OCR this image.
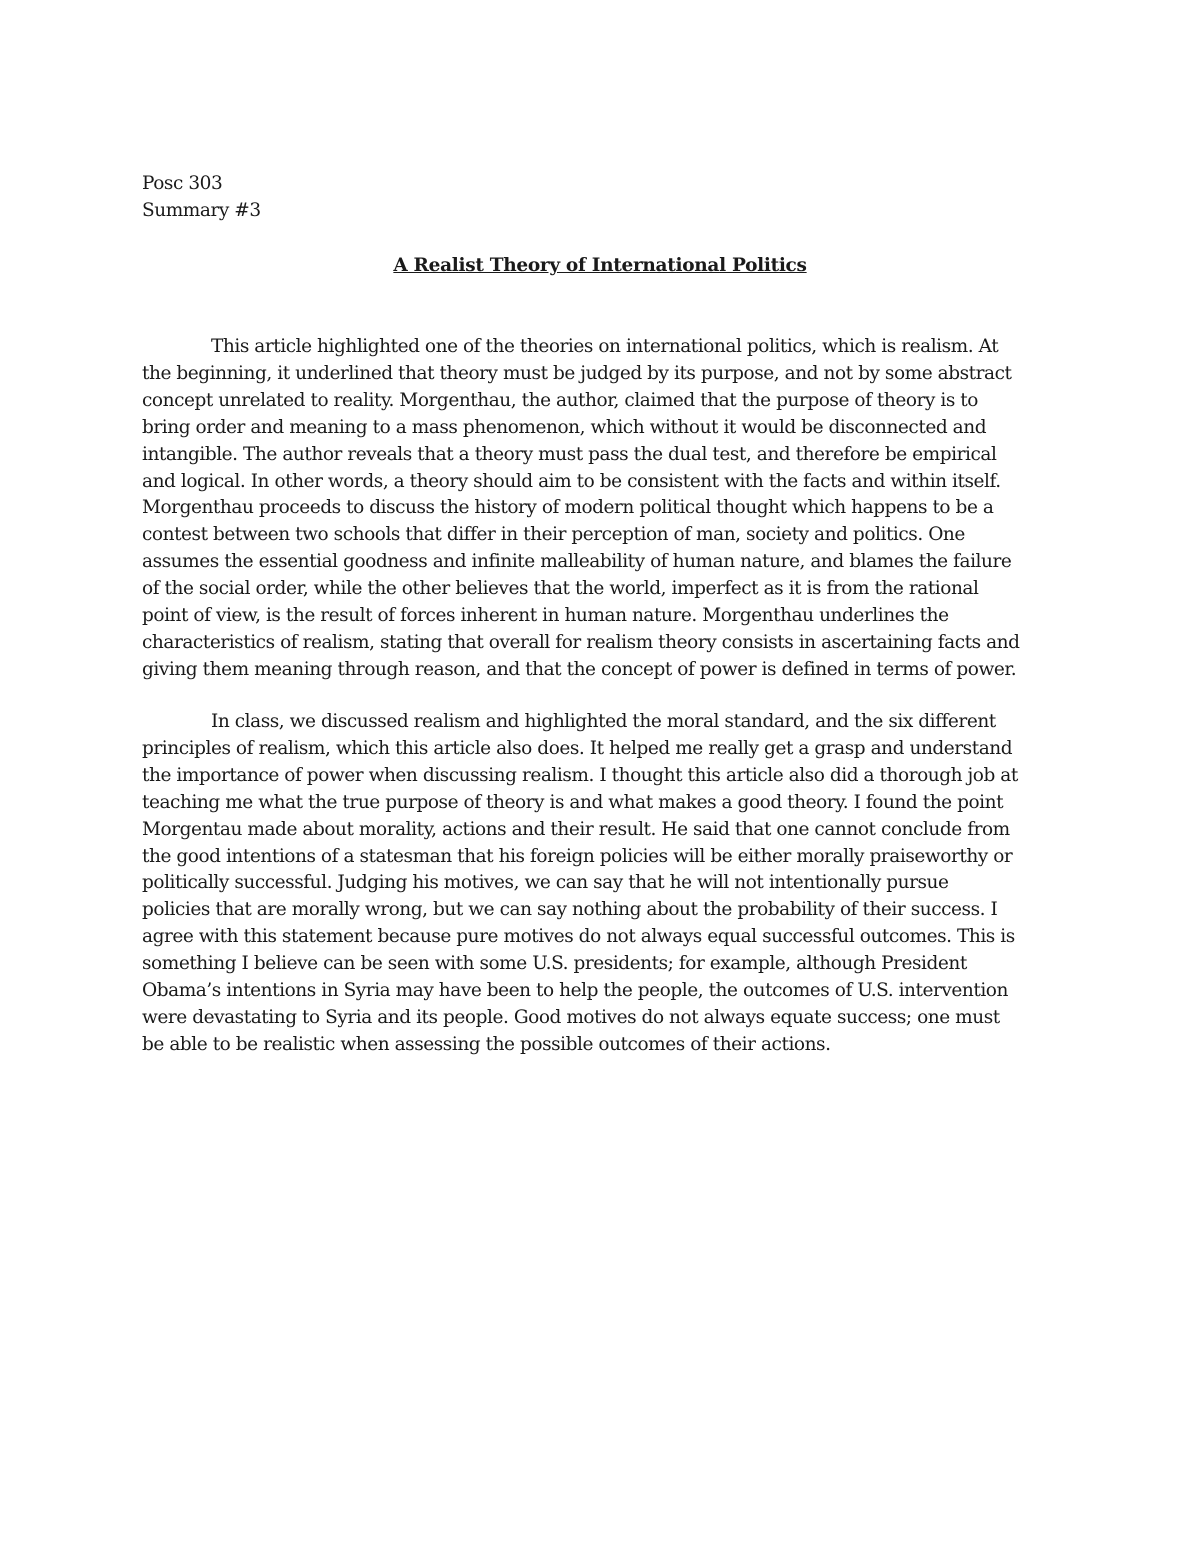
Posc 303
Summary #3
A Realist Theory of International Politics
This article highlighted one of the theories on international politics, which is realism. At
the beginning, it underlined that theory must be judged by its purpose, and not by some abstract
concept unrelated to reality. Morgenthau, the author, claimed that the purpose of theory is to
bring order and meaning to a mass phenomenon, which without it would be disconnected and
intangible. The author reveals that a theory must pass the dual test, and therefore be empirical
and logical. In other words, a theory should aim to be consistent with the facts and within itself.
Morgenthau proceeds to discuss the history of modern political thought which happens to be a
contest between two schools that differ in their perception of man, society and politics. One
assumes the essential goodness and infinite malleability of human nature, and blames the failure
of the social order, while the other believes that the world, imperfect as it is from the rational
point of view, is the result of forces inherent in human nature. Morgenthau underlines the
characteristics of realism, stating that overall for realism theory consists in ascertaining facts and
giving them meaning through reason, and that the concept of power is defined in terms of power.
In class, we discussed realism and highlighted the moral standard, and the six different
principles of realism, which this article also does. It helped me really get a grasp and understand
the importance of power when discussing realism. I thought this article also did a thorough job at
teaching me what the true purpose of theory is and what makes a good theory. I found the point
Morgentau made about morality, actions and their result. He said that one cannot conclude from
the good intentions of a statesman that his foreign policies will be either morally praiseworthy or
politically successful. Judging his motives, we can say that he will not intentionally pursue
policies that are morally wrong, but we can say nothing about the probability of their success. I
agree with this statement because pure motives do not always equal successful outcomes. This is
something I believe can be seen with some U.S. presidents; for example, although President
Obama’s intentions in Syria may have been to help the people, the outcomes of U.S. intervention
were devastating to Syria and its people. Good motives do not always equate success; one must
be able to be realistic when assessing the possible outcomes of their actions.
